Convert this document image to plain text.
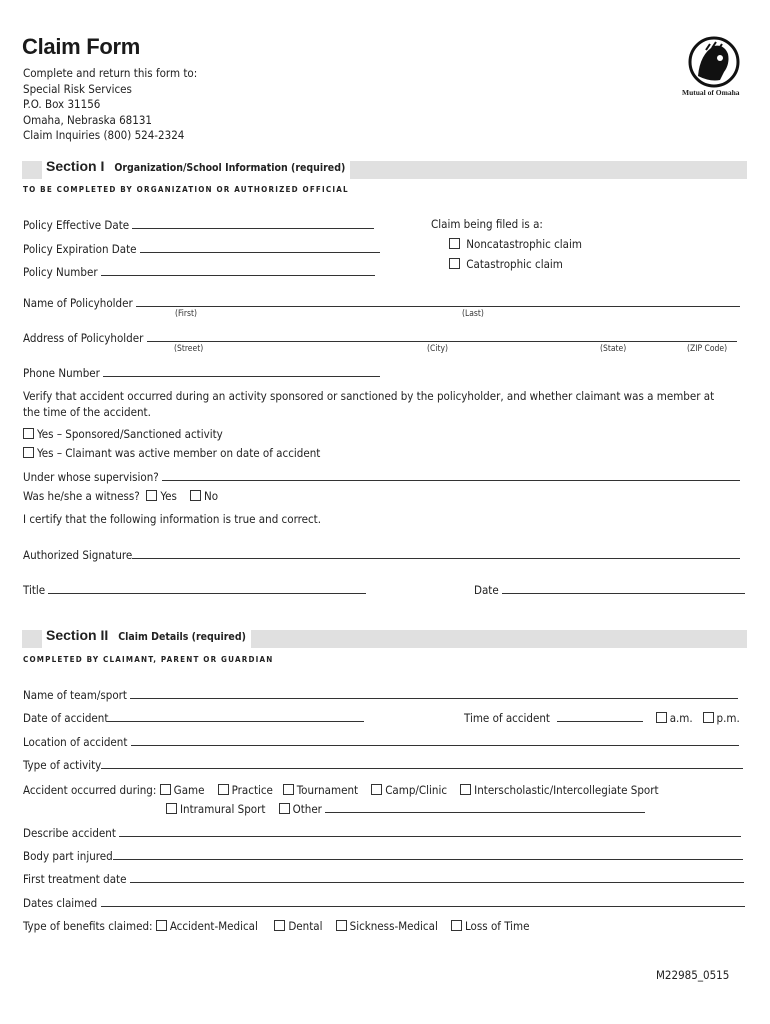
Claim Form
Complete and return this form to:
Special Risk Services
P.O. Box 31156
Omaha, Nebraska 68131
Claim Inquiries (800) 524-2324
Mutual of Omaha
Section I Organization/School Information (required)
TO BE COMPLETED BY ORGANIZATION OR AUTHORIZED OFFICIAL
Policy Effective Date
Policy Expiration Date
Policy Number
Claim being filed is a:
Noncatastrophic claim
Catastrophic claim
Name of Policyholder
(First)	(Last)
Address of Policyholder
(Street)	(City)	(State)	(ZIP Code)
Phone Number
Verify that accident occurred during an activity sponsored or sanctioned by the policyholder, and whether claimant was a member at
the time of the accident.
Yes – Sponsored/Sanctioned activity
Yes – Claimant was active member on date of accident
Under whose supervision?
Was he/she a witness? Yes No
I certify that the following information is true and correct.
Authorized Signature
Title	Date
Section II Claim Details (required)
COMPLETED BY CLAIMANT, PARENT OR GUARDIAN
Name of team/sport
Date of accident	Time of accident	a.m. p.m.
Location of accident
Type of activity
Accident occurred during: Game Practice Tournament Camp/Clinic Interscholastic/Intercollegiate Sport
Intramural Sport Other
Describe accident
Body part injured
First treatment date
Dates claimed
Type of benefits claimed: Accident-Medical	Dental Sickness-Medical Loss of Time
M22985_0515
